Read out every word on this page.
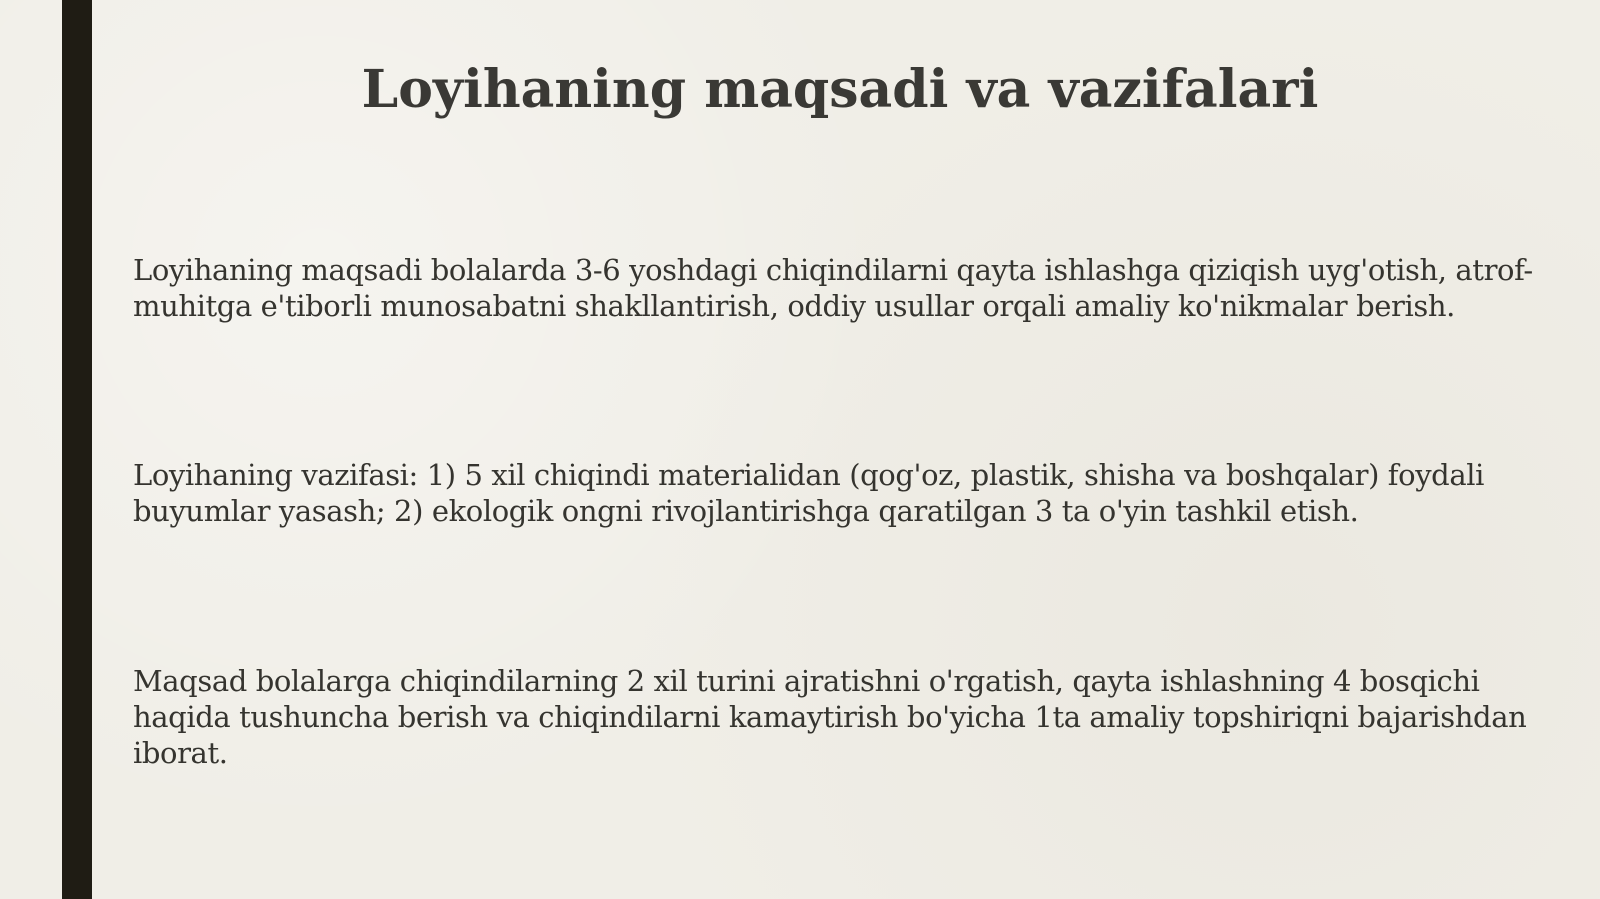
Loyihaning maqsadi va vazifalari

Loyihaning maqsadi bolalarda 3-6 yoshdagi chiqindilarni qayta ishlashga qiziqish uyg'otish, atrof-muhitga e'tiborli munosabatni shakllantirish, oddiy usullar orqali amaliy ko'nikmalar berish.

Loyihaning vazifasi: 1) 5 xil chiqindi materialidan (qog'oz, plastik, shisha va boshqalar) foydali buyumlar yasash; 2) ekologik ongni rivojlantirishga qaratilgan 3 ta o'yin tashkil etish.

Maqsad bolalarga chiqindilarning 2 xil turini ajratishni o'rgatish, qayta ishlashning 4 bosqichi haqida tushuncha berish va chiqindilarni kamaytirish bo'yicha 1ta amaliy topshiriqni bajarishdan iborat.
